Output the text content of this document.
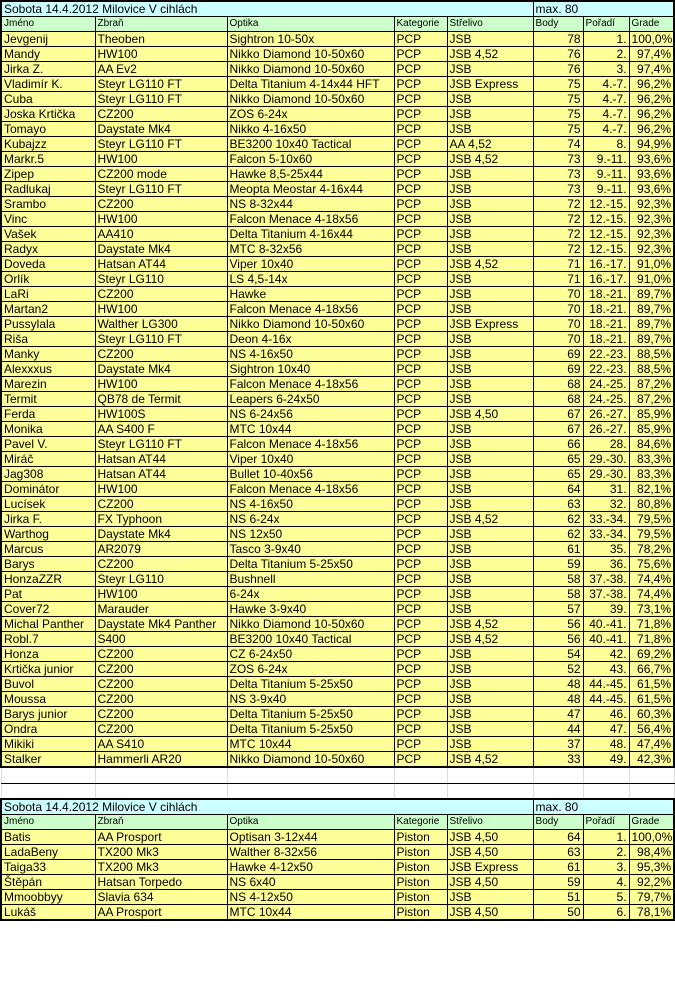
Sobota 14.4.2012 Milovice V cihlách					max. 80		
Jméno	Zbraň	Optika	Kategorie	Střelivo	Body	Pořadí	Grade
Jevgenij	Theoben	Sightron 10-50x	PCP	JSB	78	1.	100,0%
Mandy	HW100	Nikko Diamond 10-50x60	PCP	JSB 4,52	76	2.	97,4%
Jirka Z.	AA Ev2	Nikko Diamond 10-50x60	PCP	JSB	76	3.	97,4%
Vladimír K.	Steyr LG110 FT	Delta Titanium 4-14x44 HFT	PCP	JSB Express	75	4.-7.	96,2%
Cuba	Steyr LG110 FT	Nikko Diamond 10-50x60	PCP	JSB	75	4.-7.	96,2%
Joska Krtička	CZ200	ZOS 6-24x	PCP	JSB	75	4.-7.	96,2%
Tomayo	Daystate Mk4	Nikko 4-16x50	PCP	JSB	75	4.-7.	96,2%
Kubajzz	Steyr LG110 FT	BE3200 10x40 Tactical	PCP	AA 4,52	74	8.	94,9%
Markr.5	HW100	Falcon 5-10x60	PCP	JSB 4,52	73	9.-11.	93,6%
Zipep	CZ200 mode	Hawke 8,5-25x44	PCP	JSB	73	9.-11.	93,6%
Radlukaj	Steyr LG110 FT	Meopta Meostar 4-16x44	PCP	JSB	73	9.-11.	93,6%
Srambo	CZ200	NS 8-32x44	PCP	JSB	72	12.-15.	92,3%
Vinc	HW100	Falcon Menace 4-18x56	PCP	JSB	72	12.-15.	92,3%
Vašek	AA410	Delta Titanium 4-16x44	PCP	JSB	72	12.-15.	92,3%
Radyx	Daystate Mk4	MTC 8-32x56	PCP	JSB	72	12.-15.	92,3%
Doveda	Hatsan AT44	Viper 10x40	PCP	JSB 4,52	71	16.-17.	91,0%
Orlík	Steyr LG110	LS 4,5-14x	PCP	JSB	71	16.-17.	91,0%
LaRi	CZ200	Hawke	PCP	JSB	70	18.-21.	89,7%
Martan2	HW100	Falcon Menace 4-18x56	PCP	JSB	70	18.-21.	89,7%
Pussylala	Walther LG300	Nikko Diamond 10-50x60	PCP	JSB Express	70	18.-21.	89,7%
Riša	Steyr LG110 FT	Deon 4-16x	PCP	JSB	70	18.-21.	89,7%
Manky	CZ200	NS 4-16x50	PCP	JSB	69	22.-23.	88,5%
Alexxxus	Daystate Mk4	Sightron 10x40	PCP	JSB	69	22.-23.	88,5%
Marezin	HW100	Falcon Menace 4-18x56	PCP	JSB	68	24.-25.	87,2%
Termit	QB78 de Termit	Leapers 6-24x50	PCP	JSB	68	24.-25.	87,2%
Ferda	HW100S	NS 6-24x56	PCP	JSB 4,50	67	26.-27.	85,9%
Monika	AA S400 F	MTC 10x44	PCP	JSB	67	26.-27.	85,9%
Pavel V.	Steyr LG110 FT	Falcon Menace 4-18x56	PCP	JSB	66	28.	84,6%
Miráč	Hatsan AT44	Viper 10x40	PCP	JSB	65	29.-30.	83,3%
Jag308	Hatsan AT44	Bullet 10-40x56	PCP	JSB	65	29.-30.	83,3%
Dominátor	HW100	Falcon Menace 4-18x56	PCP	JSB	64	31.	82,1%
Lucísek	CZ200	NS 4-16x50	PCP	JSB	63	32.	80,8%
Jirka F.	FX Typhoon	NS 6-24x	PCP	JSB 4,52	62	33.-34.	79,5%
Warthog	Daystate Mk4	NS 12x50	PCP	JSB	62	33.-34.	79,5%
Marcus	AR2079	Tasco 3-9x40	PCP	JSB	61	35.	78,2%
Barys	CZ200	Delta Titanium 5-25x50	PCP	JSB	59	36.	75,6%
HonzaZZR	Steyr LG110	Bushnell	PCP	JSB	58	37.-38.	74,4%
Pat	HW100	6-24x	PCP	JSB	58	37.-38.	74,4%
Cover72	Marauder	Hawke 3-9x40	PCP	JSB	57	39.	73,1%
Michal Panther	Daystate Mk4 Panther	Nikko Diamond 10-50x60	PCP	JSB 4,52	56	40.-41.	71,8%
Robl.7	S400	BE3200 10x40 Tactical	PCP	JSB 4,52	56	40.-41.	71,8%
Honza	CZ200	CZ 6-24x50	PCP	JSB	54	42.	69,2%
Krtička junior	CZ200	ZOS 6-24x	PCP	JSB	52	43.	66,7%
Buvol	CZ200	Delta Titanium 5-25x50	PCP	JSB	48	44.-45.	61,5%
Moussa	CZ200	NS 3-9x40	PCP	JSB	48	44.-45.	61,5%
Barys junior	CZ200	Delta Titanium 5-25x50	PCP	JSB	47	46.	60,3%
Ondra	CZ200	Delta Titanium 5-25x50	PCP	JSB	44	47.	56,4%
Mikiki	AA S410	MTC 10x44	PCP	JSB	37	48.	47,4%
Stalker	Hammerli AR20	Nikko Diamond 10-50x60	PCP	JSB 4,52	33	49.	42,3%

Sobota 14.4.2012 Milovice V cihlách					max. 80		
Jméno	Zbraň	Optika	Kategorie	Střelivo	Body	Pořadí	Grade
Batis	AA Prosport	Optisan 3-12x44	Piston	JSB 4,50	64	1.	100,0%
LadaBeny	TX200 Mk3	Walther 8-32x56	Piston	JSB 4,50	63	2.	98,4%
Taiga33	TX200 Mk3	Hawke 4-12x50	Piston	JSB Express	61	3.	95,3%
Štěpán	Hatsan Torpedo	NS 6x40	Piston	JSB 4,50	59	4.	92,2%
Mmoobbyy	Slavia 634	NS 4-12x50	Piston	JSB	51	5.	79,7%
Lukáš	AA Prosport	MTC 10x44	Piston	JSB 4,50	50	6.	78,1%
